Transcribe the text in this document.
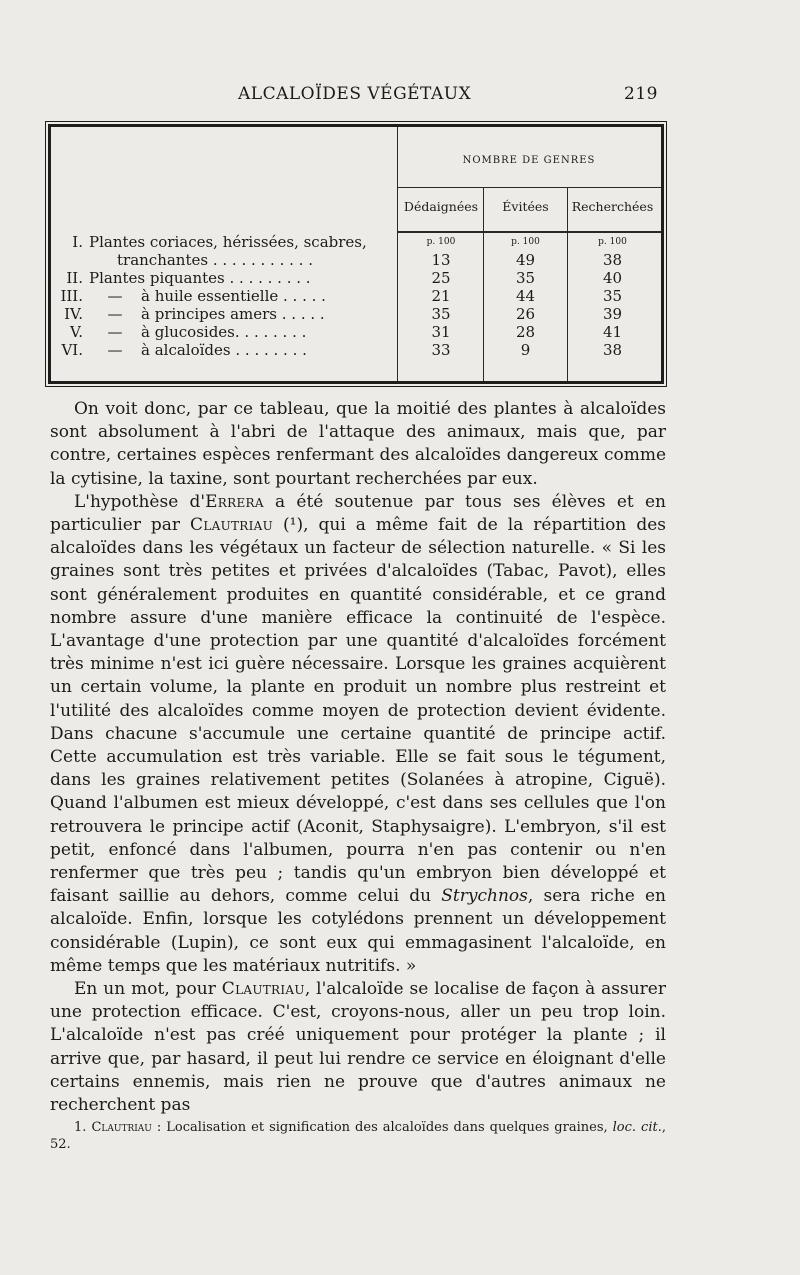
ALCALOÏDES VÉGÉTAUX	219
NOMBRE DE GENRES
Dédaignées	Évitées	Recherchées
p. 100	p. 100	p. 100
I. Plantes coriaces, hérissées, scabres,
tranchantes . . . . . . . . . . .	13	49	38
II. Plantes piquantes . . . . . . . . .	25	35	40
III. — à huile essentielle . . . . .	21	44	35
IV. — à principes amers . . . . .	35	26	39
V. — à glucosides. . . . . . . .	31	28	41
VI. — à alcaloïdes . . . . . . . .	33	9	38

On voit donc, par ce tableau, que la moitié des plantes à alcaloïdes sont absolument à l'abri de l'attaque des animaux, mais que, par contre, certaines espèces renfermant des alcaloïdes dangereux comme la cytisine, la taxine, sont pourtant recherchées par eux.

L'hypothèse d'Errera a été soutenue par tous ses élèves et en particulier par Clautriau (¹), qui a même fait de la répartition des alcaloïdes dans les végétaux un facteur de sélection naturelle. « Si les graines sont très petites et privées d'alcaloïdes (Tabac, Pavot), elles sont généralement produites en quantité considérable, et ce grand nombre assure d'une manière efficace la continuité de l'espèce. L'avantage d'une protection par une quantité d'alcaloïdes forcément très minime n'est ici guère nécessaire. Lorsque les graines acquièrent un certain volume, la plante en produit un nombre plus restreint et l'utilité des alcaloïdes comme moyen de protection devient évidente. Dans chacune s'accumule une certaine quantité de principe actif. Cette accumulation est très variable. Elle se fait sous le tégument, dans les graines relativement petites (Solanées à atropine, Ciguë). Quand l'albumen est mieux développé, c'est dans ses cellules que l'on retrouvera le principe actif (Aconit, Staphysaigre). L'embryon, s'il est petit, enfoncé dans l'albumen, pourra n'en pas contenir ou n'en renfermer que très peu ; tandis qu'un embryon bien développé et faisant saillie au dehors, comme celui du Strychnos, sera riche en alcaloïde. Enfin, lorsque les cotylédons prennent un développement considérable (Lupin), ce sont eux qui emmagasinent l'alcaloïde, en même temps que les matériaux nutritifs. »

En un mot, pour Clautriau, l'alcaloïde se localise de façon à assurer une protection efficace. C'est, croyons-nous, aller un peu trop loin. L'alcaloïde n'est pas créé uniquement pour protéger la plante ; il arrive que, par hasard, il peut lui rendre ce service en éloignant d'elle certains ennemis, mais rien ne prouve que d'autres animaux ne recherchent pas

1. Clautriau : Localisation et signification des alcaloïdes dans quelques graines, loc. cit., 52.
